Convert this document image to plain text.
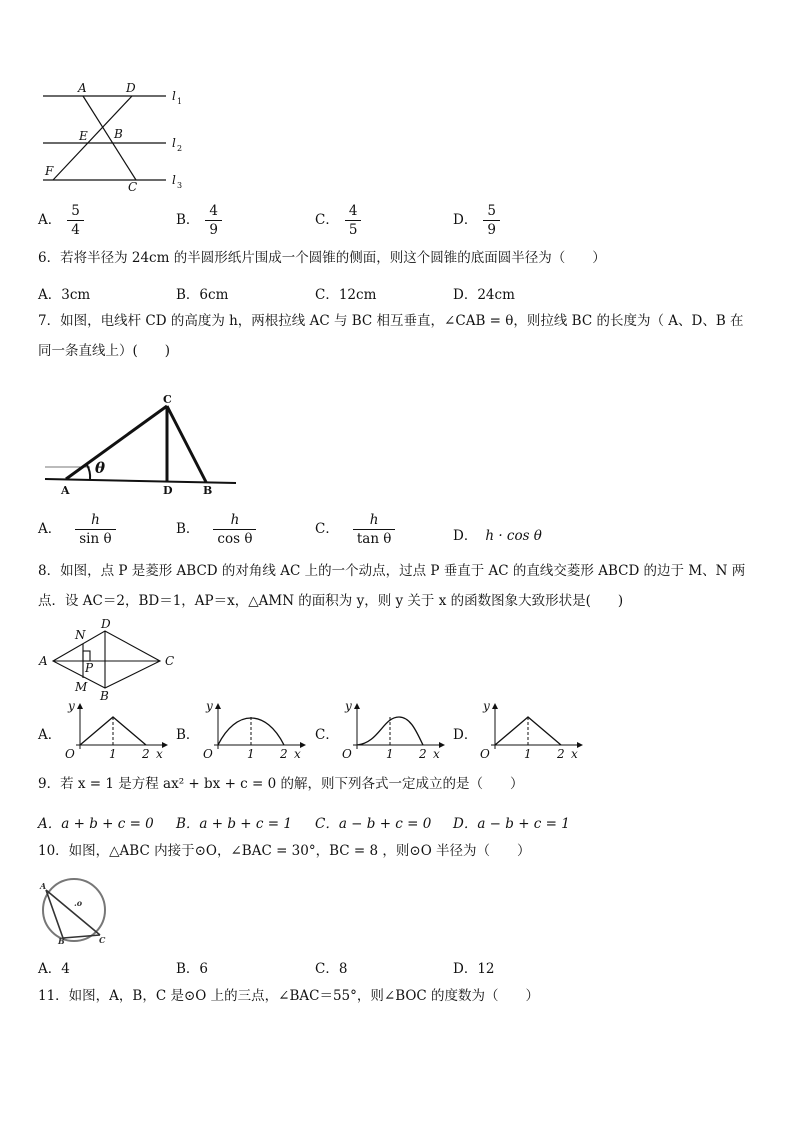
A	D
E B
F
C
l 1
l 2
l 3
A． $\frac{5}{4}$	B． $\frac{4}{9}$	C． $\frac{4}{5}$	D． $\frac{5}{9}$
6．若将半径为 24cm 的半圆形纸片围成一个圆锥的侧面，则这个圆锥的底面圆半径为（　　）
A．3cm	B．6cm	C．12cm	D．24cm
7．如图，电线杆 CD 的高度为 h，两根拉线 AC 与 BC 相互垂直，∠CAB = θ，则拉线 BC 的长度为（ A、D、B 在
同一条直线上）(　　)
C
A	D	B
θ
A． $\frac{h}{\text{sin θ}}$	B． $\frac{h}{\text{cos θ}}$	C． $\frac{h}{\text{tan θ}}$	D． h · cos θ
8．如图，点 P 是菱形 ABCD 的对角线 AC 上的一个动点，过点 P 垂直于 AC 的直线交菱形 ABCD 的边于 M、N 两
点．设 AC＝2，BD＝1，AP＝x，△AMN 的面积为 y，则 y 关于 x 的函数图象大致形状是(　　)
A
D
C
B
N
P
M
A．	B．	C．	D．
y
O	1 2 x
y
O	1 2 x
y
O	1 2 x
y
O	1 2 x
9．若 x = 1 是方程 ax² + bx + c = 0 的解，则下列各式一定成立的是（　　）
A．a + b + c = 0 B．a + b + c = 1 C．a − b + c = 0 D．a − b + c = 1
10．如图，△ABC 内接于⊙O，∠BAC = 30°，BC = 8 ，则⊙O 半径为（　　）
A
.o
B	C
A．4	B．6	C．8	D．12
11．如图，A，B，C 是⊙O 上的三点，∠BAC＝55°，则∠BOC 的度数为（　　）
